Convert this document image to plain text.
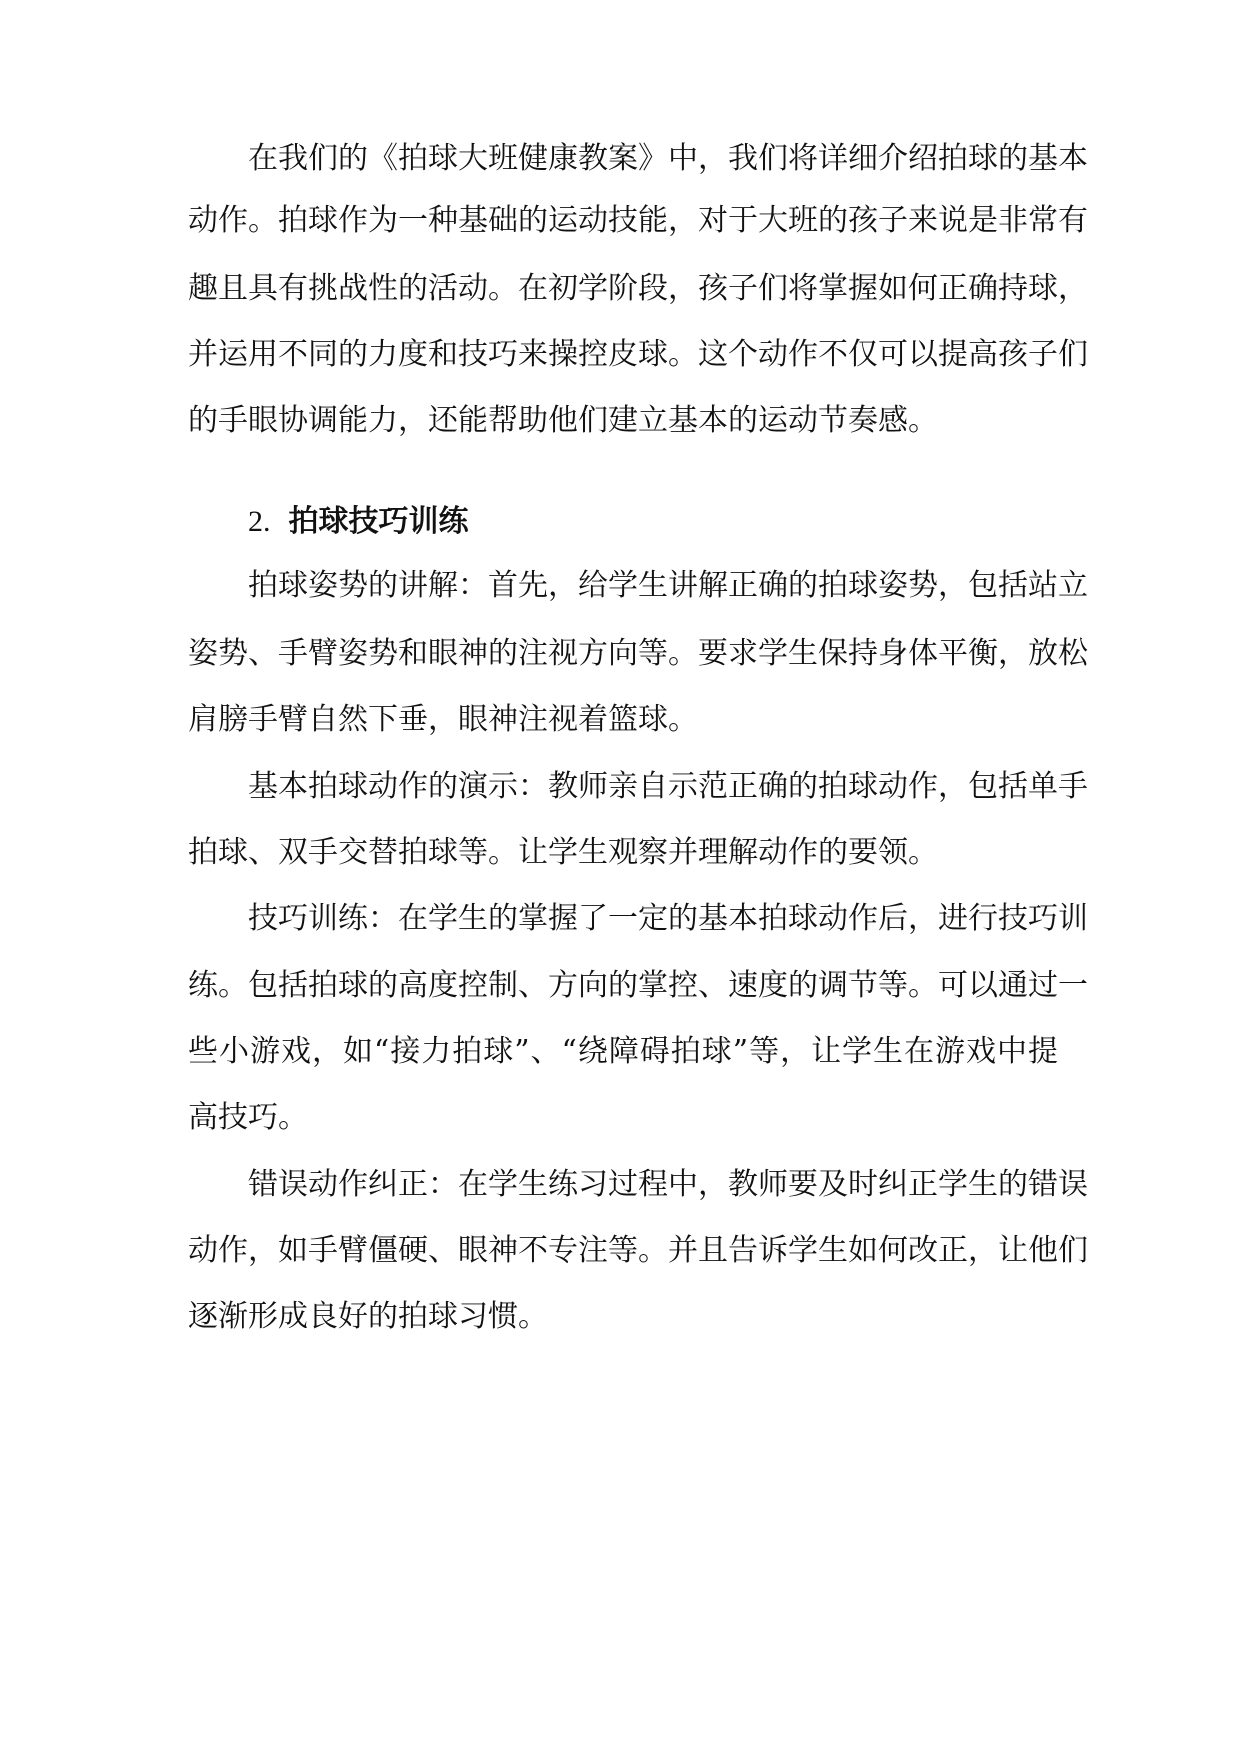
在我们的《拍球大班健康教案》中，我们将详细介绍拍球的基本
动作。拍球作为一种基础的运动技能，对于大班的孩子来说是非常有
趣且具有挑战性的活动。在初学阶段，孩子们将掌握如何正确持球，
并运用不同的力度和技巧来操控皮球。这个动作不仅可以提高孩子们
的手眼协调能力，还能帮助他们建立基本的运动节奏感。
2. 拍球技巧训练
拍球姿势的讲解：首先，给学生讲解正确的拍球姿势，包括站立
姿势、手臂姿势和眼神的注视方向等。要求学生保持身体平衡，放松
肩膀手臂自然下垂，眼神注视着篮球。
基本拍球动作的演示：教师亲自示范正确的拍球动作，包括单手
拍球、双手交替拍球等。让学生观察并理解动作的要领。
技巧训练：在学生的掌握了一定的基本拍球动作后，进行技巧训
练。包括拍球的高度控制、方向的掌控、速度的调节等。可以通过一
些小游戏，如“接力拍球”、“绕障碍拍球”等，让学生在游戏中提
高技巧。
错误动作纠正：在学生练习过程中，教师要及时纠正学生的错误
动作，如手臂僵硬、眼神不专注等。并且告诉学生如何改正，让他们
逐渐形成良好的拍球习惯。
